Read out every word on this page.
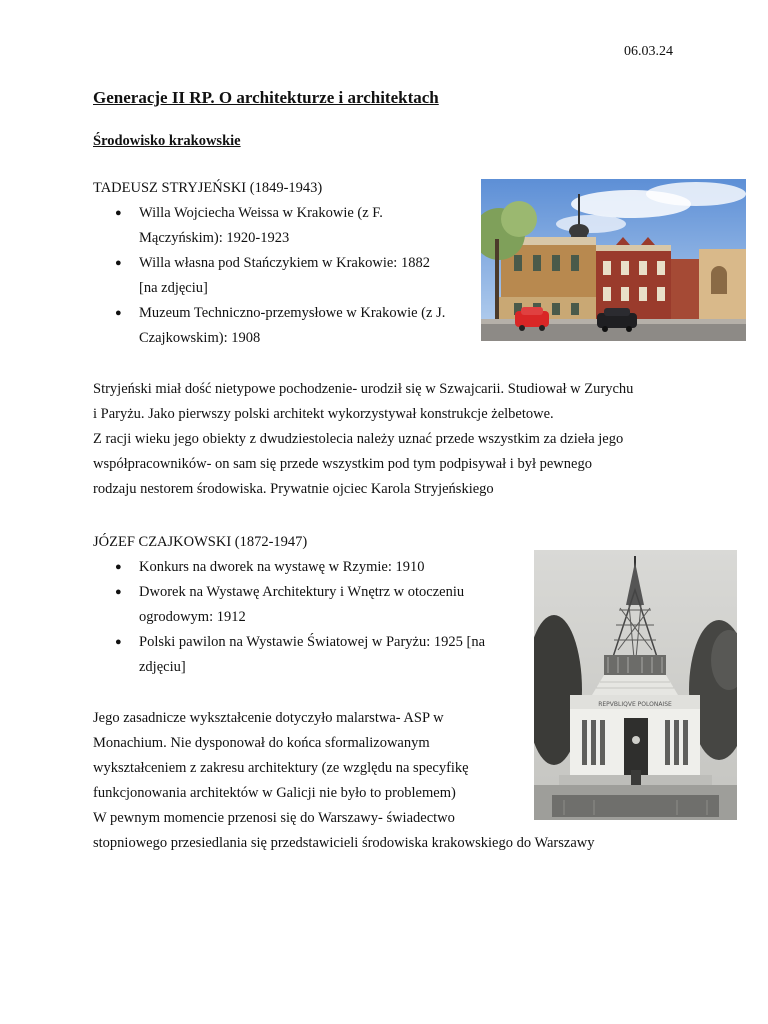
06.03.24
Generacje II RP. O architekturze i architektach
Środowisko krakowskie
TADEUSZ STRYJEŃSKI (1849-1943)
● Willa Wojciecha Weissa w Krakowie (z F.
Mączyńskim): 1920-1923
● Willa własna pod Stańczykiem w Krakowie: 1882
[na zdjęciu]
● Muzeum Techniczno-przemysłowe w Krakowie (z J.
Czajkowskim): 1908
Stryjeński miał dość nietypowe pochodzenie- urodził się w Szwajcarii. Studiował w Zurychu
i Paryżu. Jako pierwszy polski architekt wykorzystywał konstrukcje żelbetowe.
Z racji wieku jego obiekty z dwudziestolecia należy uznać przede wszystkim za dzieła jego
współpracowników- on sam się przede wszystkim pod tym podpisywał i był pewnego
rodzaju nestorem środowiska. Prywatnie ojciec Karola Stryjeńskiego
JÓZEF CZAJKOWSKI (1872-1947)
● Konkurs na dworek na wystawę w Rzymie: 1910
● Dworek na Wystawę Architektury i Wnętrz w otoczeniu
ogrodowym: 1912
● Polski pawilon na Wystawie Światowej w Paryżu: 1925 [na
zdjęciu]
REPVBLIQVE POLONAISE
Jego zasadnicze wykształcenie dotyczyło malarstwa- ASP w
Monachium. Nie dysponował do końca sformalizowanym
wykształceniem z zakresu architektury (ze względu na specyfikę
funkcjonowania architektów w Galicji nie było to problemem)
W pewnym momencie przenosi się do Warszawy- świadectwo
stopniowego przesiedlania się przedstawicieli środowiska krakowskiego do Warszawy
